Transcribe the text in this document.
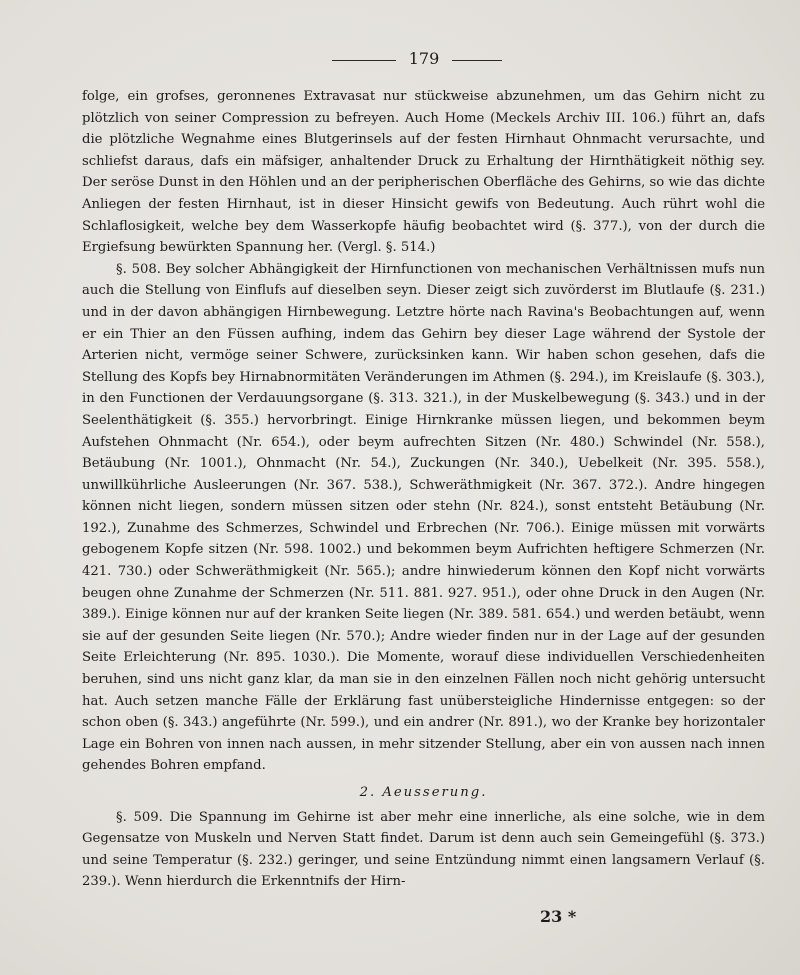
179

folge, ein grofses, geronnenes Extravasat nur stückweise abzunehmen, um das Gehirn nicht zu plötzlich von seiner Compression zu befreyen. Auch Home (Meckels Archiv III. 106.) führt an, dafs die plötzliche Wegnahme eines Blutgerinsels auf der festen Hirnhaut Ohnmacht verursachte, und schliefst daraus, dafs ein mäfsiger, anhaltender Druck zu Erhaltung der Hirnthätigkeit nöthig sey. Der seröse Dunst in den Höhlen und an der peripherischen Oberfläche des Gehirns, so wie das dichte Anliegen der festen Hirnhaut, ist in dieser Hinsicht gewifs von Bedeutung. Auch rührt wohl die Schlaflosigkeit, welche bey dem Wasserkopfe häufig beobachtet wird (§. 377.), von der durch die Ergiefsung bewürkten Spannung her. (Vergl. §. 514.)

§. 508. Bey solcher Abhängigkeit der Hirnfunctionen von mechanischen Verhältnissen mufs nun auch die Stellung von Einflufs auf dieselben seyn. Dieser zeigt sich zuvörderst im Blutlaufe (§. 231.) und in der davon abhängigen Hirnbewegung. Letztre hörte nach Ravina's Beobachtungen auf, wenn er ein Thier an den Füssen aufhing, indem das Gehirn bey dieser Lage während der Systole der Arterien nicht, vermöge seiner Schwere, zurücksinken kann. Wir haben schon gesehen, dafs die Stellung des Kopfs bey Hirnabnormitäten Veränderungen im Athmen (§. 294.), im Kreislaufe (§. 303.), in den Functionen der Verdauungsorgane (§. 313. 321.), in der Muskelbewegung (§. 343.) und in der Seelenthätigkeit (§. 355.) hervorbringt. Einige Hirnkranke müssen liegen, und bekommen beym Aufstehen Ohnmacht (Nr. 654.), oder beym aufrechten Sitzen (Nr. 480.) Schwindel (Nr. 558.), Betäubung (Nr. 1001.), Ohnmacht (Nr. 54.), Zuckungen (Nr. 340.), Uebelkeit (Nr. 395. 558.), unwillkührliche Ausleerungen (Nr. 367. 538.), Schweräthmigkeit (Nr. 367. 372.). Andre hingegen können nicht liegen, sondern müssen sitzen oder stehn (Nr. 824.), sonst entsteht Betäubung (Nr. 192.), Zunahme des Schmerzes, Schwindel und Erbrechen (Nr. 706.). Einige müssen mit vorwärts gebogenem Kopfe sitzen (Nr. 598. 1002.) und bekommen beym Aufrichten heftigere Schmerzen (Nr. 421. 730.) oder Schweräthmigkeit (Nr. 565.); andre hinwiederum können den Kopf nicht vorwärts beugen ohne Zunahme der Schmerzen (Nr. 511. 881. 927. 951.), oder ohne Druck in den Augen (Nr. 389.). Einige können nur auf der kranken Seite liegen (Nr. 389. 581. 654.) und werden betäubt, wenn sie auf der gesunden Seite liegen (Nr. 570.); Andre wieder finden nur in der Lage auf der gesunden Seite Erleichterung (Nr. 895. 1030.). Die Momente, worauf diese individuellen Verschiedenheiten beruhen, sind uns nicht ganz klar, da man sie in den einzelnen Fällen noch nicht gehörig untersucht hat. Auch setzen manche Fälle der Erklärung fast unübersteigliche Hindernisse entgegen: so der schon oben (§. 343.) angeführte (Nr. 599.), und ein andrer (Nr. 891.), wo der Kranke bey horizontaler Lage ein Bohren von innen nach aussen, in mehr sitzender Stellung, aber ein von aussen nach innen gehendes Bohren empfand.

2. Aeusserung.

§. 509. Die Spannung im Gehirne ist aber mehr eine innerliche, als eine solche, wie in dem Gegensatze von Muskeln und Nerven Statt findet. Darum ist denn auch sein Gemeingefühl (§. 373.) und seine Temperatur (§. 232.) geringer, und seine Entzündung nimmt einen langsamern Verlauf (§. 239.). Wenn hierdurch die Erkenntnifs der Hirn-

23 *
